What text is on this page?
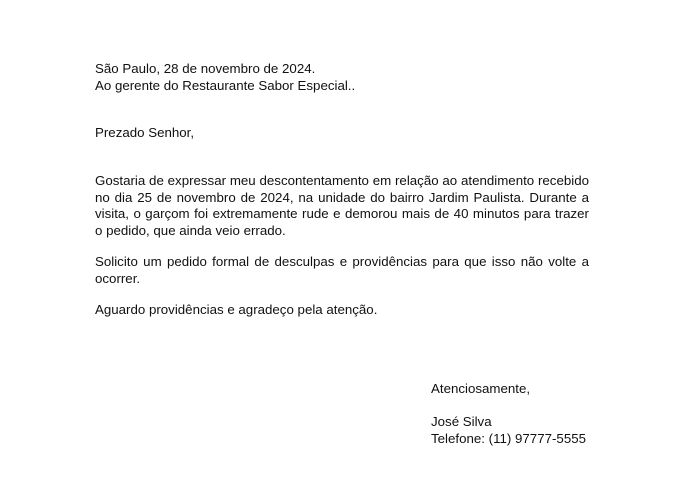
São Paulo, 28 de novembro de 2024.
Ao gerente do Restaurante Sabor Especial..
Prezado Senhor,

Gostaria de expressar meu descontentamento em relação ao atendimento recebido no dia 25 de novembro de 2024, na unidade do bairro Jardim Paulista. Durante a visita, o garçom foi extremamente rude e demorou mais de 40 minutos para trazer o pedido, que ainda veio errado.

Solicito um pedido formal de desculpas e providências para que isso não volte a ocorrer.

Aguardo providências e agradeço pela atenção.

Atenciosamente,
José Silva
Telefone: (11) 97777-5555
